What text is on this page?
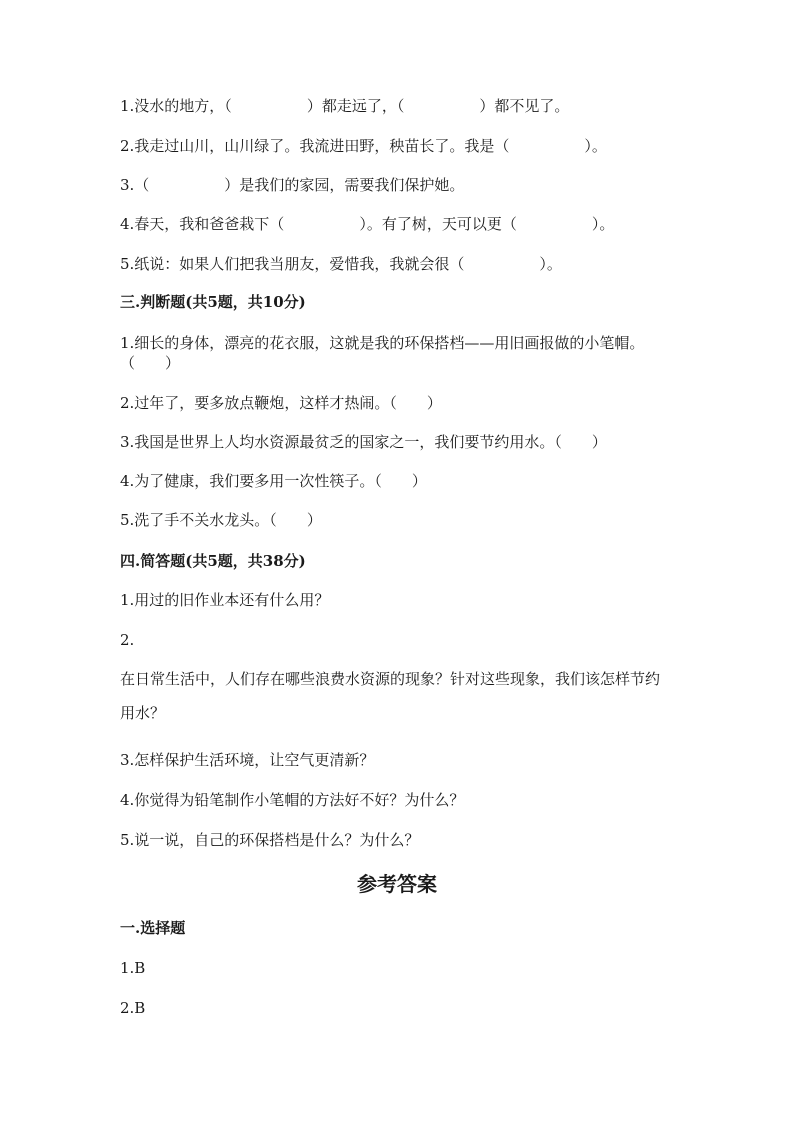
1.没水的地方，（　　　　　）都走远了，（　　　　　）都不见了。
2.我走过山川，山川绿了。我流进田野，秧苗长了。我是（　　　　　）。
3.（　　　　　）是我们的家园，需要我们保护她。
4.春天，我和爸爸栽下（　　　　　）。有了树，天可以更（　　　　　）。
5.纸说：如果人们把我当朋友，爱惜我，我就会很（　　　　　）。
三.判断题(共5题，共10分)
1.细长的身体，漂亮的花衣服，这就是我的环保搭档——用旧画报做的小笔帽。（　　）
2.过年了，要多放点鞭炮，这样才热闹。（　　）
3.我国是世界上人均水资源最贫乏的国家之一，我们要节约用水。（　　）
4.为了健康，我们要多用一次性筷子。（　　）
5.洗了手不关水龙头。（　　）
四.简答题(共5题，共38分)
1.用过的旧作业本还有什么用？
2.
在日常生活中，人们存在哪些浪费水资源的现象？针对这些现象，我们该怎样节约用水？
3.怎样保护生活环境，让空气更清新？
4.你觉得为铅笔制作小笔帽的方法好不好？为什么？
5.说一说，自己的环保搭档是什么？为什么？
参考答案
一.选择题
1.B
2.B
